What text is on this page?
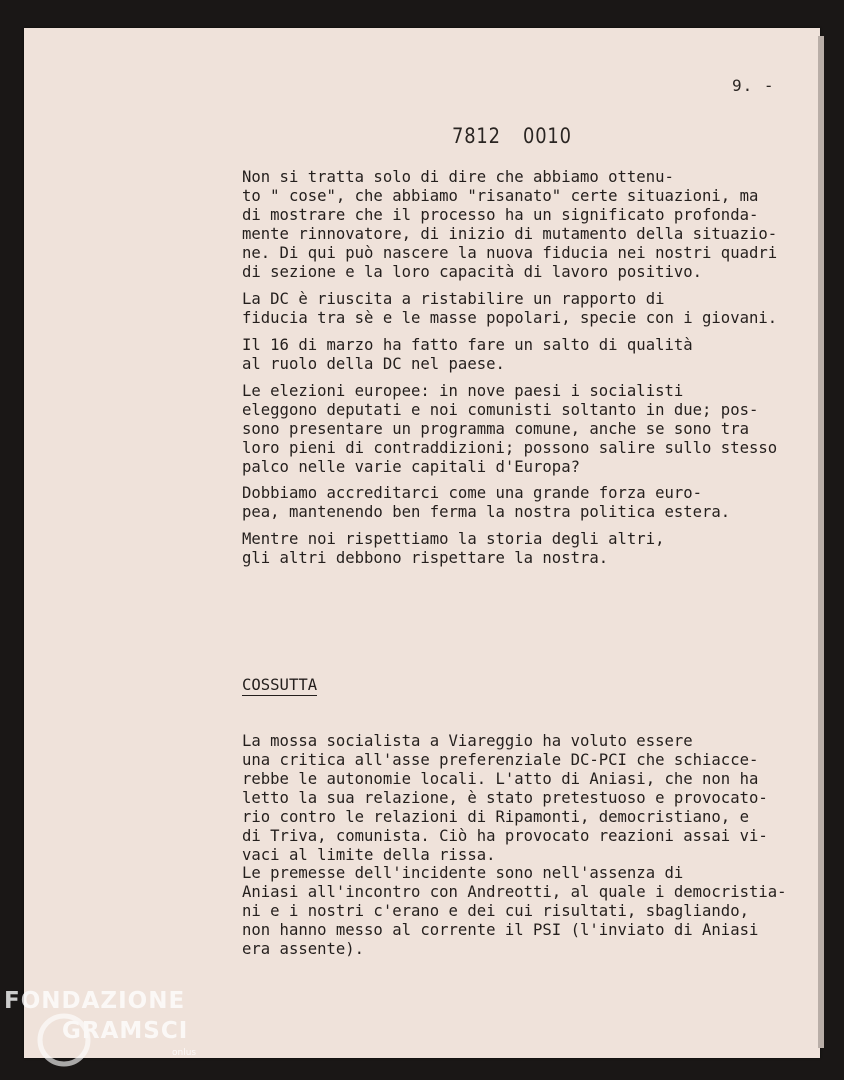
9. -
7812 0010

Non si tratta solo di dire che abbiamo ottenu-
to " cose", che abbiamo "risanato" certe situazioni, ma
di mostrare che il processo ha un significato profonda-
mente rinnovatore, di inizio di mutamento della situazio-
ne. Di qui può nascere la nuova fiducia nei nostri quadri
di sezione e la loro capacità di lavoro positivo.

La DC è riuscita a ristabilire un rapporto di
fiducia tra sè e le masse popolari, specie con i giovani.

Il 16 di marzo ha fatto fare un salto di qualità
al ruolo della DC nel paese.

Le elezioni europee: in nove paesi i socialisti
eleggono deputati e noi comunisti soltanto in due; pos-
sono presentare un programma comune, anche se sono tra
loro pieni di contraddizioni; possono salire sullo stesso
palco nelle varie capitali d'Europa?

Dobbiamo accreditarci come una grande forza euro-
pea, mantenendo ben ferma la nostra politica estera.

Mentre noi rispettiamo la storia degli altri,
gli altri debbono rispettare la nostra.

COSSUTTA

La mossa socialista a Viareggio ha voluto essere
una critica all'asse preferenziale DC-PCI che schiacce-
rebbe le autonomie locali. L'atto di Aniasi, che non ha
letto la sua relazione, è stato pretestuoso e provocato-
rio contro le relazioni di Ripamonti, democristiano, e
di Triva, comunista. Ciò ha provocato reazioni assai vi-
vaci al limite della rissa.

Le premesse dell'incidente sono nell'assenza di
Aniasi all'incontro con Andreotti, al quale i democristia-
ni e i nostri c'erano e dei cui risultati, sbagliando,
non hanno messo al corrente il PSI (l'inviato di Aniasi
era assente).

FONDAZIONE
GRAMSCI
onlus
